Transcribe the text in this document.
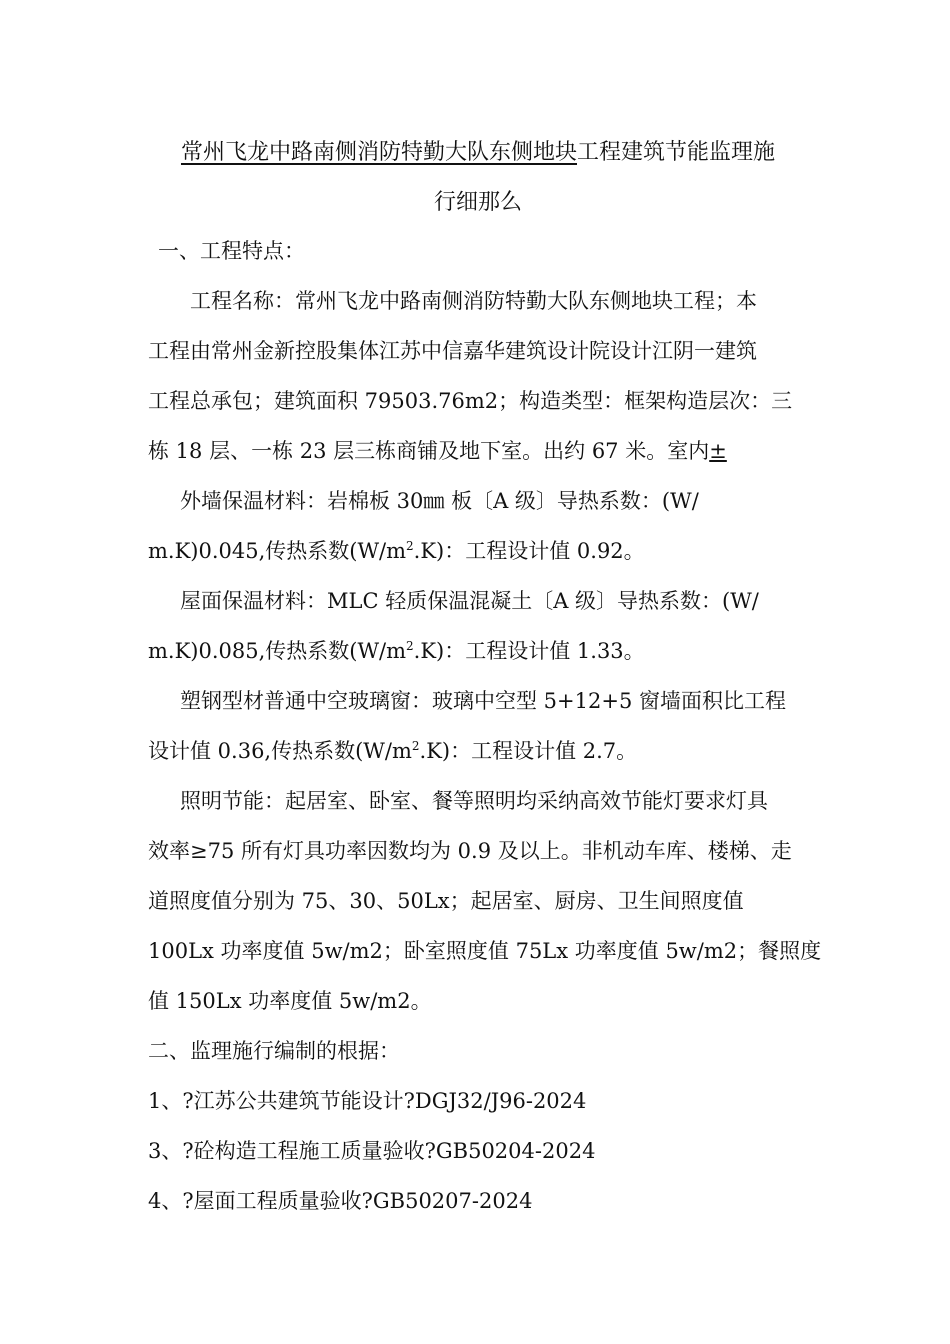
常州飞龙中路南侧消防特勤大队东侧地块工程建筑节能监理施
行细那么
一、工程特点：
工程名称：常州飞龙中路南侧消防特勤大队东侧地块工程；本
工程由常州金新控股集体江苏中信嘉华建筑设计院设计江阴一建筑
工程总承包；建筑面积 79503.76m2；构造类型：框架构造层次：三
栋 18 层、一栋 23 层三栋商铺及地下室。出约 67 米。室内±
外墙保温材料：岩棉板 30㎜ 板〔A 级〕导热系数：(W/
m.K)0.045,传热系数$(W/m^2.K)$：工程设计值 0.92。
屋面保温材料：MLC 轻质保温混凝土〔A 级〕导热系数：(W/
m.K)0.085,传热系数$(W/m^2.K)$：工程设计值 1.33。
塑钢型材普通中空玻璃窗：玻璃中空型 5+12+5 窗墙面积比工程
设计值 0.36,传热系数$(W/m^2.K)$：工程设计值 2.7。
照明节能：起居室、卧室、餐等照明均采纳高效节能灯要求灯具
效率≥75 所有灯具功率因数均为 0.9 及以上。非机动车库、楼梯、走
道照度值分别为 75、30、50Lx；起居室、厨房、卫生间照度值
100Lx 功率度值 5w/m2；卧室照度值 75Lx 功率度值 5w/m2；餐照度
值 150Lx 功率度值 5w/m2。
二、监理施行编制的根据：
1、?江苏公共建筑节能设计?DGJ32/J96-2024
3、?砼构造工程施工质量验收?GB50204-2024
4、?屋面工程质量验收?GB50207-2024
